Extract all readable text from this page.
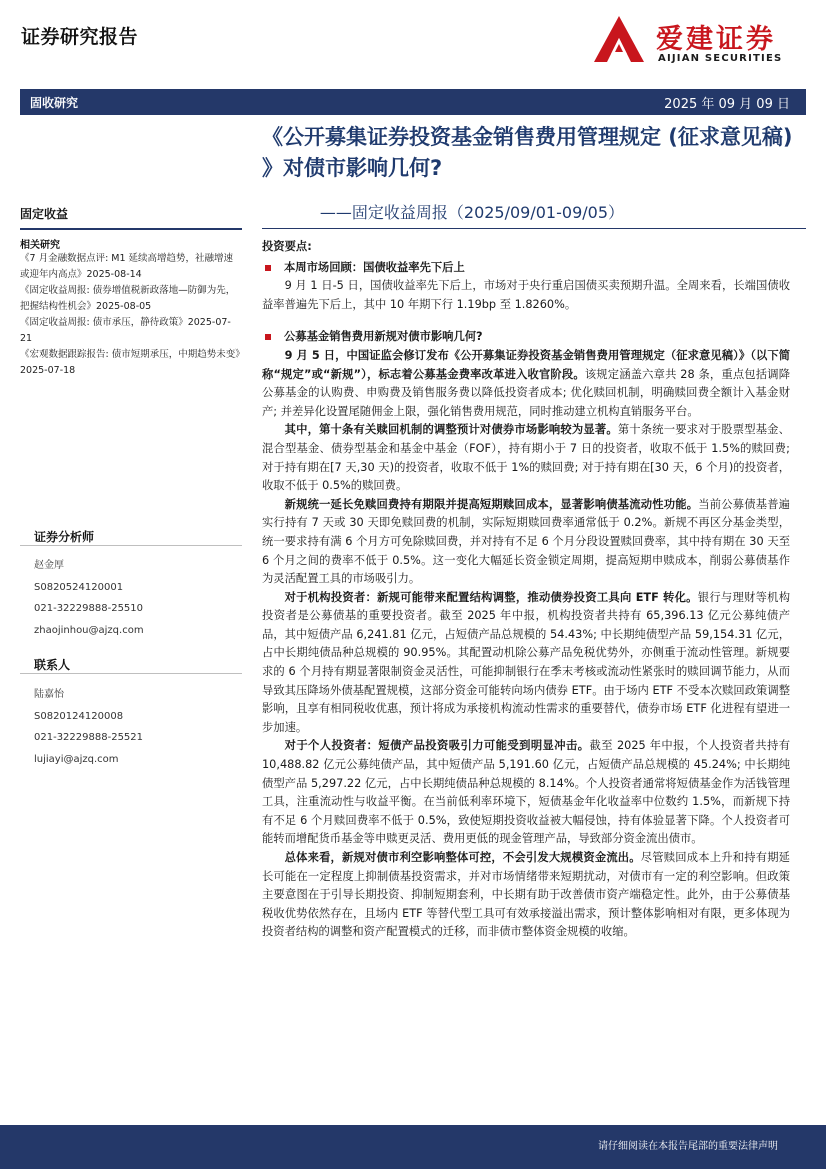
证券研究报告	爱建证券
AIJIAN SECURITIES
固收研究	2025 年 09 月 09 日
《公开募集证券投资基金销售费用管理规定 (征求意见稿) 》对债市影响几何?
——固定收益周报（2025/09/01-09/05）
固定收益
相关研究
《7 月金融数据点评: M1 延续高增趋势，社融增速或迎年内高点》2025-08-14
《固定收益周报: 债券增值税新政落地—防御为先，把握结构性机会》2025-08-05
《固定收益周报: 债市承压，静待政策》2025-07-21
《宏观数据跟踪报告: 债市短期承压，中期趋势未变》2025-07-18
证券分析师
赵金厚
S0820524120001
021-32229888-25510
zhaojinhou@ajzq.com
联系人
陆嘉怡
S0820124120008
021-32229888-25521
lujiayi@ajzq.com

投资要点:

本周市场回顾：国债收益率先下后上

9 月 1 日-5 日，国债收益率先下后上，市场对于央行重启国债买卖预期升温。全周来看，长端国债收益率普遍先下后上，其中 10 年期下行 1.19bp 至 1.8260%。

公募基金销售费用新规对债市影响几何?

9 月 5 日，中国证监会修订发布《公开募集证券投资基金销售费用管理规定（征求意见稿）》（以下简称“规定”或“新规”），标志着公募基金费率改革进入收官阶段。该规定涵盖六章共 28 条，重点包括调降公募基金的认购费、申购费及销售服务费以降低投资者成本; 优化赎回机制，明确赎回费全额计入基金财产; 并差异化设置尾随佣金上限，强化销售费用规范，同时推动建立机构直销服务平台。

其中，第十条有关赎回机制的调整预计对债券市场影响较为显著。第十条统一要求对于股票型基金、混合型基金、债券型基金和基金中基金（FOF），持有期小于 7 日的投资者，收取不低于 1.5%的赎回费; 对于持有期在[7 天,30 天)的投资者，收取不低于 1%的赎回费; 对于持有期在[30 天，6 个月)的投资者，收取不低于 0.5%的赎回费。

新规统一延长免赎回费持有期限并提高短期赎回成本，显著影响债基流动性功能。当前公募债基普遍实行持有 7 天或 30 天即免赎回费的机制，实际短期赎回费率通常低于 0.2%。新规不再区分基金类型，统一要求持有满 6 个月方可免除赎回费，并对持有不足 6 个月分段设置赎回费率，其中持有期在 30 天至 6 个月之间的费率不低于 0.5%。这一变化大幅延长资金锁定周期，提高短期申赎成本，削弱公募债基作为灵活配置工具的市场吸引力。

对于机构投资者：新规可能带来配置结构调整，推动债券投资工具向 ETF 转化。银行与理财等机构投资者是公募债基的重要投资者。截至 2025 年中报，机构投资者共持有 65,396.13 亿元公募纯债产品，其中短债产品 6,241.81 亿元，占短债产品总规模的 54.43%; 中长期纯债型产品 59,154.31 亿元，占中长期纯债品种总规模的 90.95%。其配置动机除公募产品免税优势外，亦侧重于流动性管理。新规要求的 6 个月持有期显著限制资金灵活性，可能抑制银行在季末考核或流动性紧张时的赎回调节能力，从而导致其压降场外债基配置规模，这部分资金可能转向场内债券 ETF。由于场内 ETF 不受本次赎回政策调整影响，且享有相同税收优惠，预计将成为承接机构流动性需求的重要替代，债券市场 ETF 化进程有望进一步加速。

对于个人投资者：短债产品投资吸引力可能受到明显冲击。截至 2025 年中报，个人投资者共持有 10,488.82 亿元公募纯债产品，其中短债产品 5,191.60 亿元，占短债产品总规模的 45.24%; 中长期纯债型产品 5,297.22 亿元，占中长期纯债品种总规模的 8.14%。个人投资者通常将短债基金作为活钱管理工具，注重流动性与收益平衡。在当前低利率环境下，短债基金年化收益率中位数约 1.5%，而新规下持有不足 6 个月赎回费率不低于 0.5%，致使短期投资收益被大幅侵蚀，持有体验显著下降。个人投资者可能转而增配货币基金等申赎更灵活、费用更低的现金管理产品，导致部分资金流出债市。

总体来看，新规对债市利空影响整体可控，不会引发大规模资金流出。尽管赎回成本上升和持有期延长可能在一定程度上抑制债基投资需求，并对市场情绪带来短期扰动，对债市有一定的利空影响。但政策主要意图在于引导长期投资、抑制短期套利，中长期有助于改善债市资产端稳定性。此外，由于公募债基税收优势依然存在，且场内 ETF 等替代型工具可有效承接溢出需求，预计整体影响相对有限，更多体现为投资者结构的调整和资产配置模式的迁移，而非债市整体资金规模的收缩。

请仔细阅读在本报告尾部的重要法律声明
